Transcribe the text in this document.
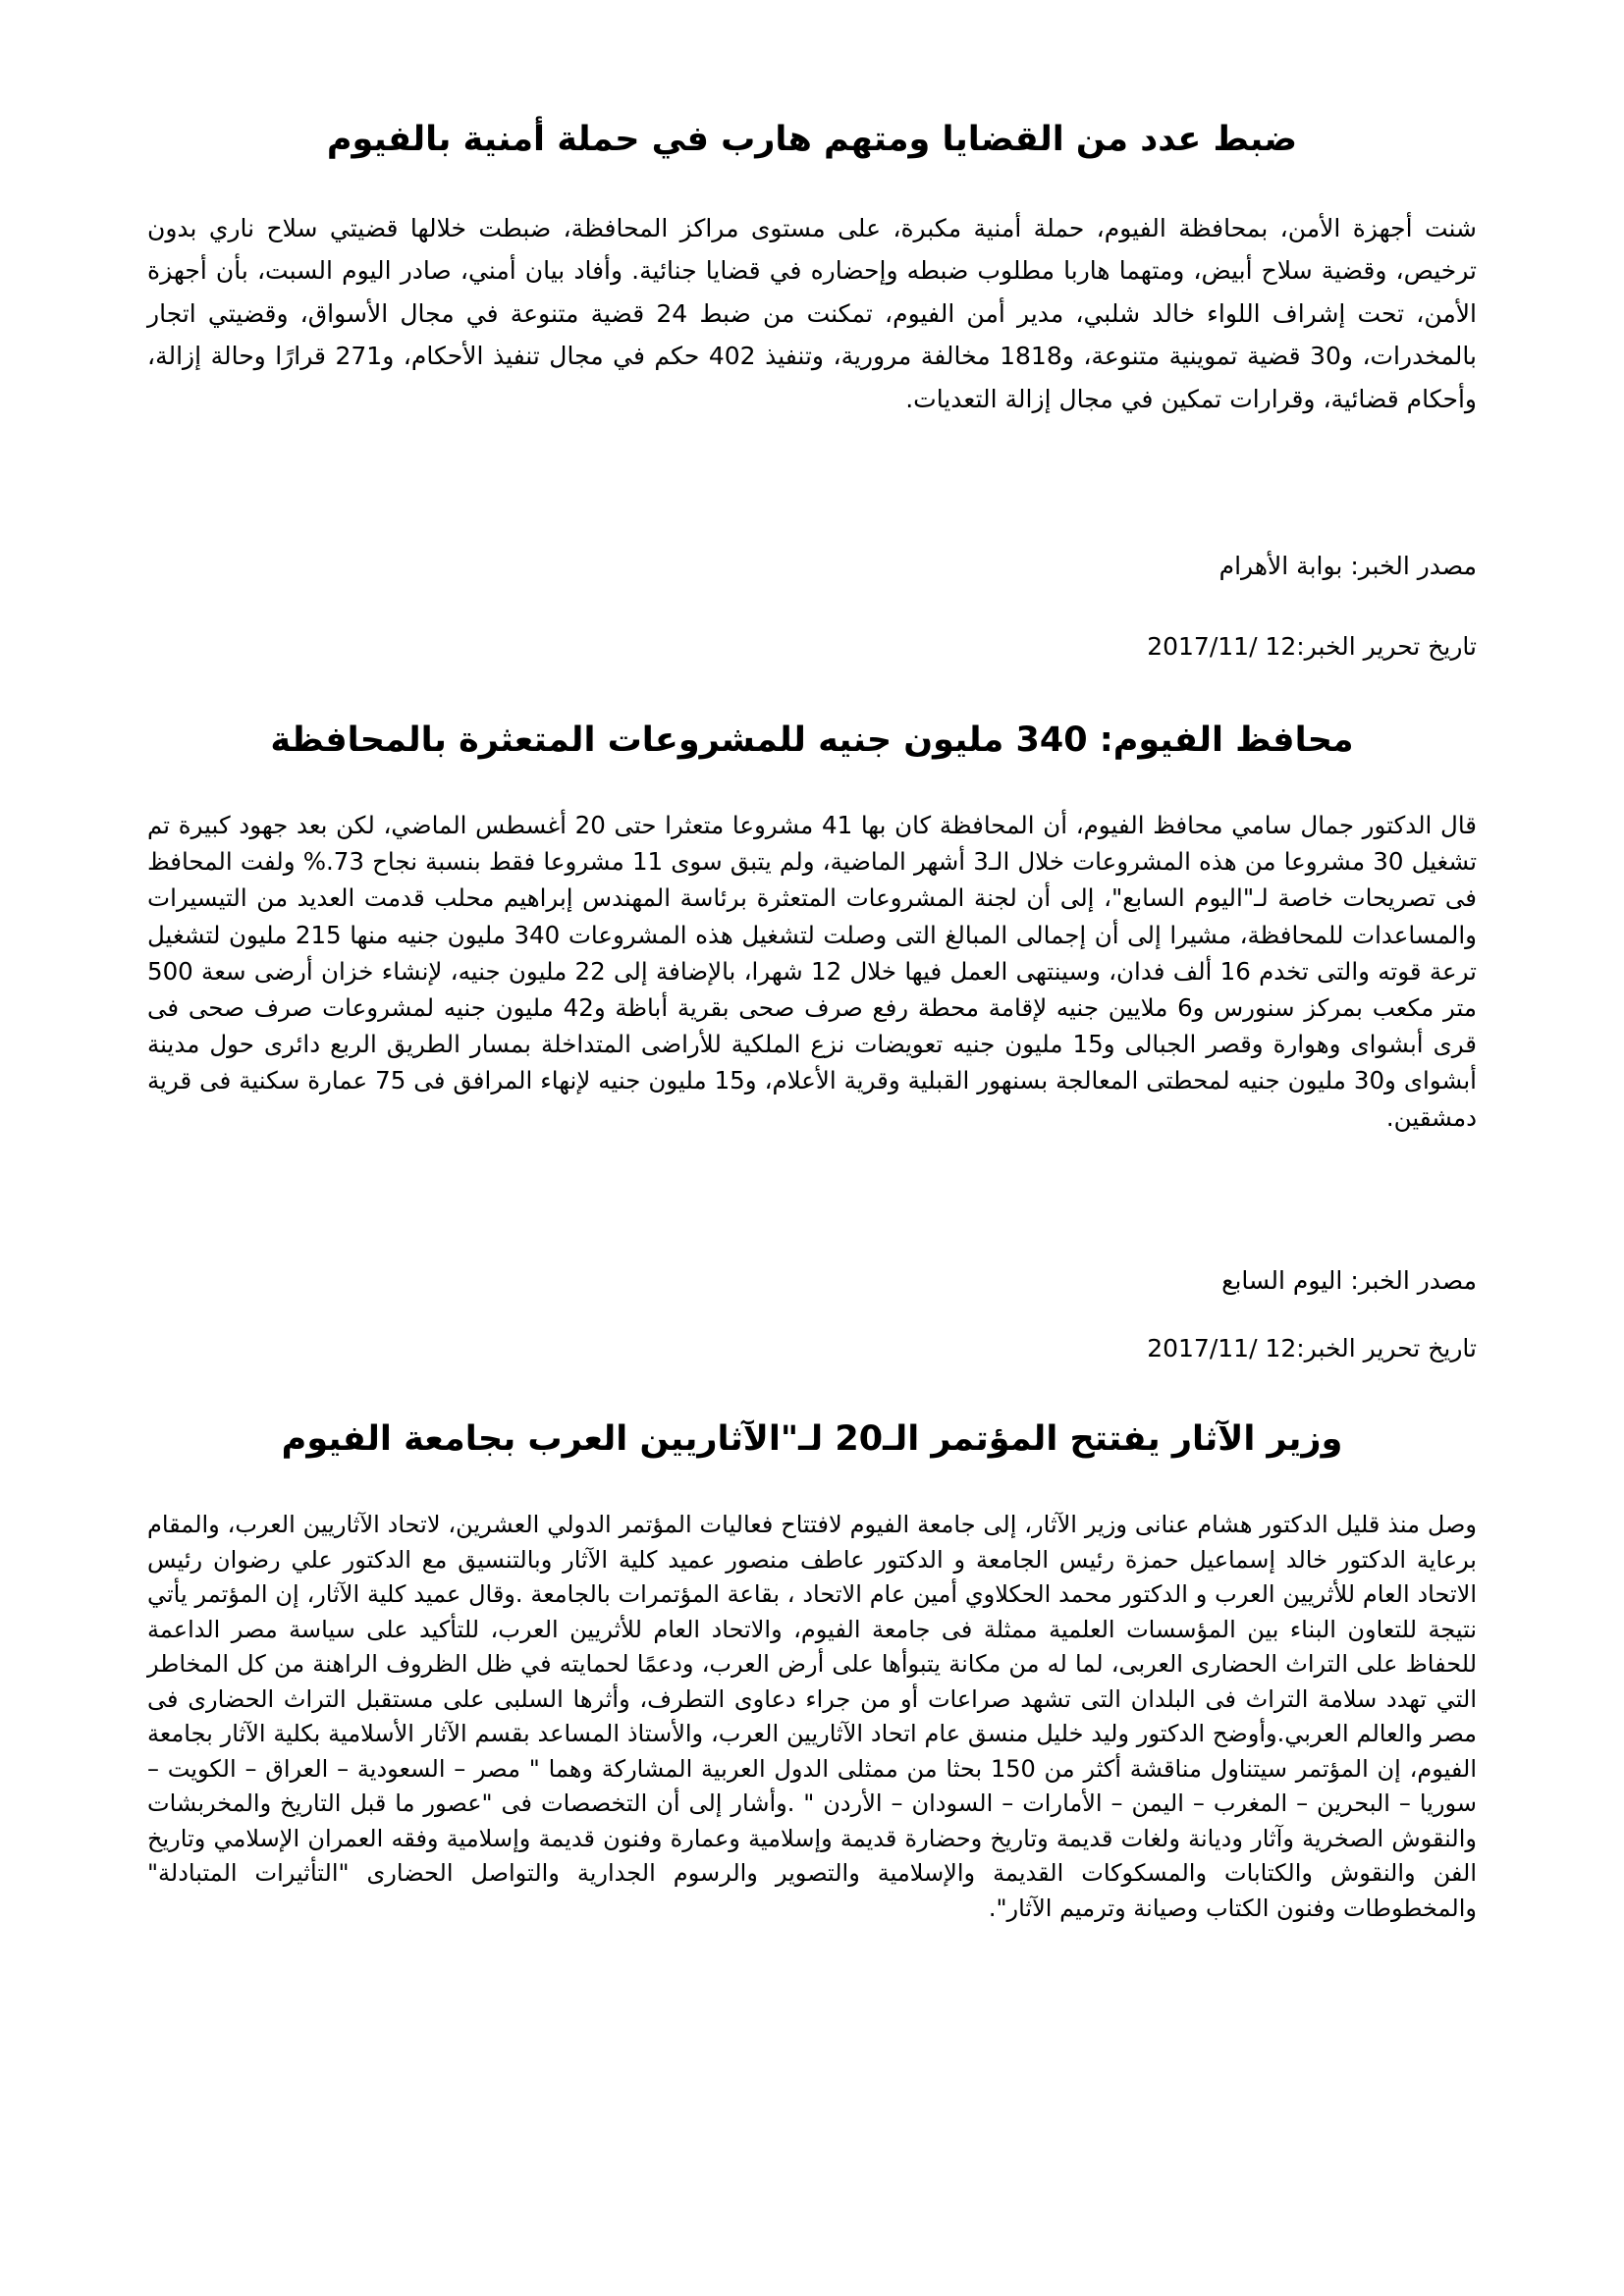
ضبط عدد من القضايا ومتهم هارب في حملة أمنية بالفيوم

شنت أجهزة الأمن، بمحافظة الفيوم، حملة أمنية مكبرة، على مستوى مراكز المحافظة، ضبطت خلالها قضيتي سلاح ناري بدون ترخيص، وقضية سلاح أبيض، ومتهما هاربا مطلوب ضبطه وإحضاره في قضايا جنائية. وأفاد بيان أمني، صادر اليوم السبت، بأن أجهزة الأمن، تحت إشراف اللواء خالد شلبي، مدير أمن الفيوم، تمكنت من ضبط 24 قضية متنوعة في مجال الأسواق، وقضيتي اتجار بالمخدرات، و30 قضية تموينية متنوعة، و1818 مخالفة مرورية، وتنفيذ 402 حكم في مجال تنفيذ الأحكام، و271 قرارًا وحالة إزالة، وأحكام قضائية، وقرارات تمكين في مجال إزالة التعديات.

مصدر الخبر: بوابة الأهرام

تاريخ تحرير الخبر:12 /2017/11

محافظ الفيوم: 340 مليون جنيه للمشروعات المتعثرة بالمحافظة

قال الدكتور جمال سامي محافظ الفيوم، أن المحافظة كان بها 41 مشروعا متعثرا حتى 20 أغسطس الماضي، لكن بعد جهود كبيرة تم تشغيل 30 مشروعا من هذه المشروعات خلال الـ3 أشهر الماضية، ولم يتبق سوى 11 مشروعا فقط بنسبة نجاح 73.% ولفت المحافظ فى تصريحات خاصة لـ"اليوم السابع"، إلى أن لجنة المشروعات المتعثرة برئاسة المهندس إبراهيم محلب قدمت العديد من التيسيرات والمساعدات للمحافظة، مشيرا إلى أن إجمالى المبالغ التى وصلت لتشغيل هذه المشروعات 340 مليون جنيه منها 215 مليون لتشغيل ترعة قوته والتى تخدم 16 ألف فدان، وسينتهى العمل فيها خلال 12 شهرا، بالإضافة إلى 22 مليون جنيه، لإنشاء خزان أرضى سعة 500 متر مكعب بمركز سنورس و6 ملايين جنيه لإقامة محطة رفع صرف صحى بقرية أباظة و42 مليون جنيه لمشروعات صرف صحى فى قرى أبشواى وهوارة وقصر الجبالى و15 مليون جنيه تعويضات نزع الملكية للأراضى المتداخلة بمسار الطريق الربع دائرى حول مدينة أبشواى و30 مليون جنيه لمحطتى المعالجة بسنهور القبلية وقرية الأعلام، و15 مليون جنيه لإنهاء المرافق فى 75 عمارة سكنية فى قرية دمشقين.

مصدر الخبر: اليوم السابع

تاريخ تحرير الخبر:12 /2017/11

وزير الآثار يفتتح المؤتمر الـ20 لـ"الآثاريين العرب بجامعة الفيوم

وصل منذ قليل الدكتور هشام عنانى وزير الآثار، إلى جامعة الفيوم لافتتاح فعاليات المؤتمر الدولي العشرين، لاتحاد الآثاريين العرب، والمقام برعاية الدكتور خالد إسماعيل حمزة رئيس الجامعة و الدكتور عاطف منصور عميد كلية الآثار وبالتنسيق مع الدكتور علي رضوان رئيس الاتحاد العام للأثريين العرب و الدكتور محمد الحكلاوي أمين عام الاتحاد ، بقاعة المؤتمرات بالجامعة .وقال عميد كلية الآثار، إن المؤتمر يأتي نتيجة للتعاون البناء بين المؤسسات العلمية ممثلة فى جامعة الفيوم، والاتحاد العام للأثريين العرب، للتأكيد على سياسة مصر الداعمة للحفاظ على التراث الحضارى العربى، لما له من مكانة يتبوأها على أرض العرب، ودعمًا لحمايته في ظل الظروف الراهنة من كل المخاطر التي تهدد سلامة التراث فى البلدان التى تشهد صراعات أو من جراء دعاوى التطرف، وأثرها السلبى على مستقبل التراث الحضارى فى مصر والعالم العربي.وأوضح الدكتور وليد خليل منسق عام اتحاد الآثاريين العرب، والأستاذ المساعد بقسم الآثار الأسلامية بكلية الآثار بجامعة الفيوم، إن المؤتمر سيتناول مناقشة أكثر من 150 بحثا من ممثلى الدول العربية المشاركة وهما " مصر – السعودية – العراق – الكويت – سوريا – البحرين – المغرب – اليمن – الأمارات – السودان – الأردن " .وأشار إلى أن التخصصات فى "عصور ما قبل التاريخ والمخربشات والنقوش الصخرية وآثار وديانة ولغات قديمة وتاريخ وحضارة قديمة وإسلامية وعمارة وفنون قديمة وإسلامية وفقه العمران الإسلامي وتاريخ الفن والنقوش والكتابات والمسكوكات القديمة والإسلامية والتصوير والرسوم الجدارية والتواصل الحضارى "التأثيرات المتبادلة" والمخطوطات وفنون الكتاب وصيانة وترميم الآثار".
